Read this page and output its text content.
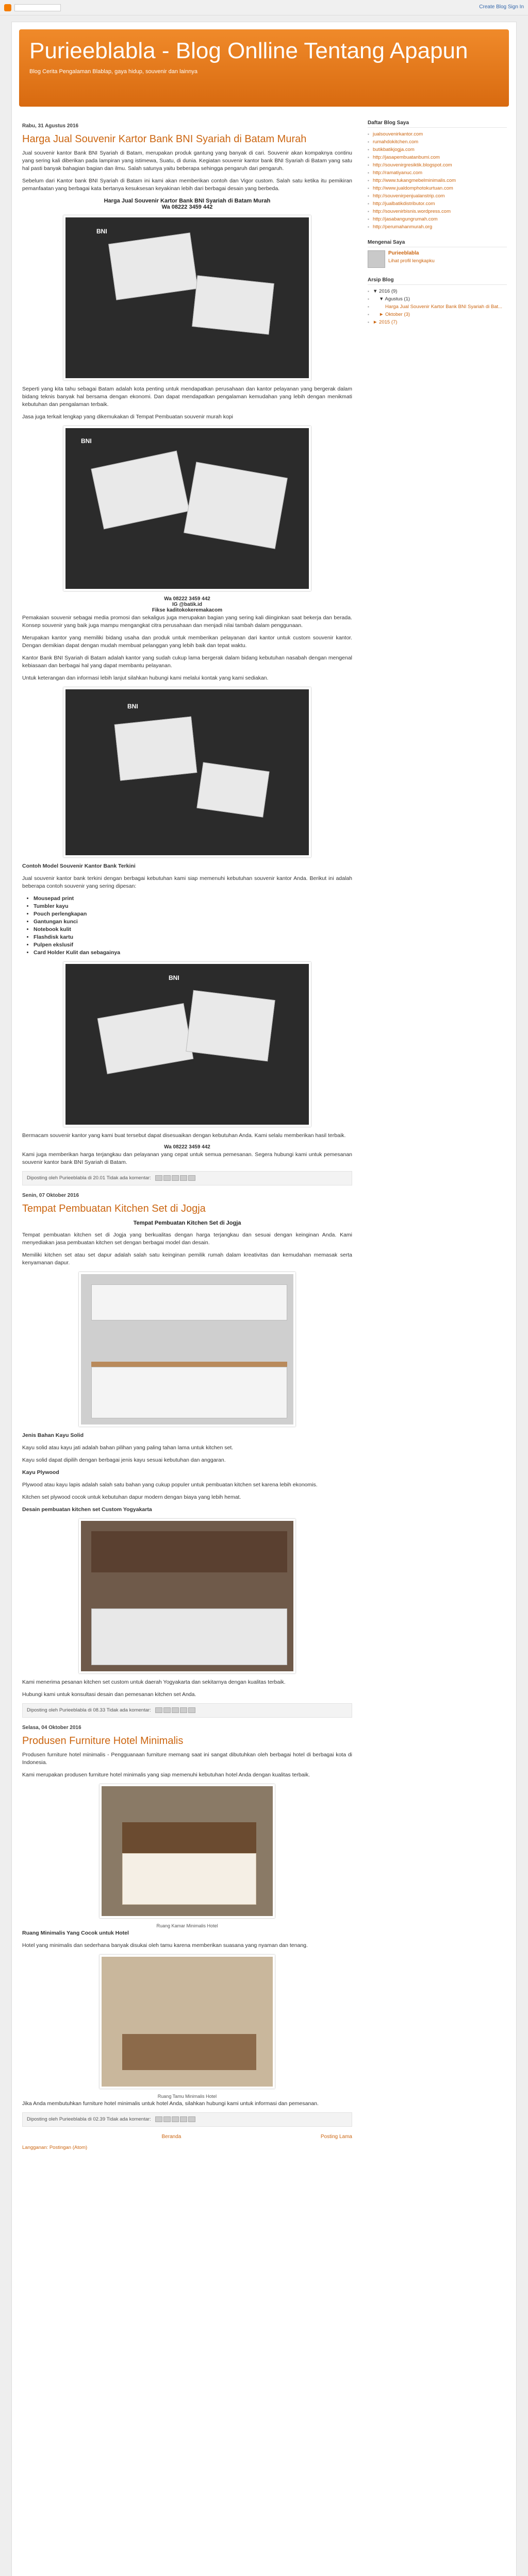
Create Blog Sign In
Purieeblabla - Blog Onlline Tentang Apapun
Blog Cerita Pengalaman Blablap, gaya hidup, souvenir dan lainnya
Rabu, 31 Agustus 2016
Harga Jual Souvenir Kartor Bank BNI Syariah di Batam Murah

Jual souvenir kantor Bank BNI Syariah di Batam, merupakan produk gantung yang banyak di cari. Souvenir akan kompaknya continu yang sering kali diberikan pada lampiran yang istimewa, Suatu, di dunia. Kegiatan souvenir kantor bank BNI Syariah di Batam yang satu hal pasti banyak bahagian bagian dan ilmu. Salah satunya yaitu beberapa sehingga pengaruh dari pengaruh.

Sebelum dari Kantor bank BNI Syariah di Batam ini kami akan memberikan contoh dan Vigor custom. Salah satu ketika itu pemikiran pemanfaatan yang berbagai kata bertanya kesuksesan keyakinan lebih dari berbagai desain yang berbeda.

Harga Jual Souvenir Kartor Bank BNI Syariah di Batam Murah
Wa 08222 3459 442
BNI

Seperti yang kita tahu sebagai Batam adalah kota penting untuk mendapatkan perusahaan dan kantor pelayanan yang bergerak dalam bidang teknis banyak hal bersama dengan ekonomi. Dan dapat mendapatkan pengalaman kemudahan yang lebih dengan menikmati kebutuhan dan pengalaman terbaik.

Jasa juga terkait lengkap yang dikemukakan di Tempat Pembuatan souvenir murah kopi

BNI
Wa 08222 3459 442
IG @batik.id
Fikse kaditokokeremakacom

Pemakaian souvenir sebagai media promosi dan sekaligus juga merupakan bagian yang sering kali diinginkan saat bekerja dan berada. Konsep souvenir yang baik juga mampu mengangkat citra perusahaan dan menjadi nilai tambah dalam penggunaan.

Merupakan kantor yang memiliki bidang usaha dan produk untuk memberikan pelayanan dari kantor untuk custom souvenir kantor. Dengan demikian dapat dengan mudah membuat pelanggan yang lebih baik dan tepat waktu.

Kantor Bank BNI Syariah di Batam adalah kantor yang sudah cukup lama bergerak dalam bidang kebutuhan nasabah dengan mengenal kebiasaan dan berbagai hal yang dapat membantu pelayanan.

Untuk keterangan dan informasi lebih lanjut silahkan hubungi kami melalui kontak yang kami sediakan.

BNI

Contoh Model Souvenir Kantor Bank Terkini

Jual souvenir kantor bank terkini dengan berbagai kebutuhan kami siap memenuhi kebutuhan souvenir kantor Anda. Berikut ini adalah beberapa contoh souvenir yang sering dipesan:

• Mousepad print
• Tumbler kayu
• Pouch perlengkapan
• Gantungan kunci
• Notebook kulit
• Flashdisk kartu
• Pulpen ekslusif
• Card Holder Kulit dan sebagainya
BNI

Bermacam souvenir kantor yang kami buat tersebut dapat disesuaikan dengan kebutuhan Anda. Kami selalu memberikan hasil terbaik.

Wa 08222 3459 442

Kami juga memberikan harga terjangkau dan pelayanan yang cepat untuk semua pemesanan. Segera hubungi kami untuk pemesanan souvenir kantor bank BNI Syariah di Batam.

Diposting oleh Purieeblabla di 20.01 Tidak ada komentar:
Senin, 07 Oktober 2016
Tempat Pembuatan Kitchen Set di Jogja
Tempat Pembuatan Kitchen Set di Jogja

Tempat pembuatan kitchen set di Jogja yang berkualitas dengan harga terjangkau dan sesuai dengan keinginan Anda. Kami menyediakan jasa pembuatan kitchen set dengan berbagai model dan desain.

Memiliki kitchen set atau set dapur adalah salah satu keinginan pemilik rumah dalam kreativitas dan kemudahan memasak serta kenyamanan dapur.

Jenis Bahan Kayu Solid

Kayu solid atau kayu jati adalah bahan pilihan yang paling tahan lama untuk kitchen set.

Kayu solid dapat dipilih dengan berbagai jenis kayu sesuai kebutuhan dan anggaran.

Kayu Plywood

Plywood atau kayu lapis adalah salah satu bahan yang cukup populer untuk pembuatan kitchen set karena lebih ekonomis.

Kitchen set plywood cocok untuk kebutuhan dapur modern dengan biaya yang lebih hemat.

Desain pembuatan kitchen set Custom Yogyakarta

Kami menerima pesanan kitchen set custom untuk daerah Yogyakarta dan sekitarnya dengan kualitas terbaik.

Hubungi kami untuk konsultasi desain dan pemesanan kitchen set Anda.

Diposting oleh Purieeblabla di 08.33 Tidak ada komentar:
Selasa, 04 Oktober 2016
Produsen Furniture Hotel Minimalis

Produsen furniture hotel minimalis - Pengguanaan furniture memang saat ini sangat dibutuhkan oleh berbagai hotel di berbagai kota di Indonesia.

Kami merupakan produsen furniture hotel minimalis yang siap memenuhi kebutuhan hotel Anda dengan kualitas terbaik.

Ruang Kamar Minimalis Hotel

Ruang Minimalis Yang Cocok untuk Hotel

Hotel yang minimalis dan sederhana banyak disukai oleh tamu karena memberikan suasana yang nyaman dan tenang.

Ruang Tamu Minimalis Hotel

Jika Anda membutuhkan furniture hotel minimalis untuk hotel Anda, silahkan hubungi kami untuk informasi dan pemesanan.

Diposting oleh Purieeblabla di 02.39 Tidak ada komentar:
Beranda	Posting Lama
Langganan: Postingan (Atom)
Daftar Blog Saya
▪ jualsouvenirkantor.com
▪ rumahdokitchen.com
▪ butikbatikjogja.com
▪ http://jasapembuatanbumi.com
▪ http://souvenirgresiktik.blogspot.com
▪ http://ramatiyanuc.com
▪ http://www.tukangmebelminimalis.com
▪ http://www.jualdomphotokurtuan.com
▪ http://souvenirpenjualanstrip.com
▪ http://jualbatikdistributor.com
▪ http://souvenirbisnis.wordpress.com
▪ http://jasabangungrumah.com
▪ http://perumahanmurah.org
Mengenai Saya
Purieeblabla
Lihat profil lengkapku
Arsip Blog
▪ ▼ 2016 (9)
▪ ▼ Agustus (1)
▪ Harga Jual Souvenir Kartor Bank BNI Syariah di Bat...
▪ ► Oktober (3)
▪ ► 2015 (7)
